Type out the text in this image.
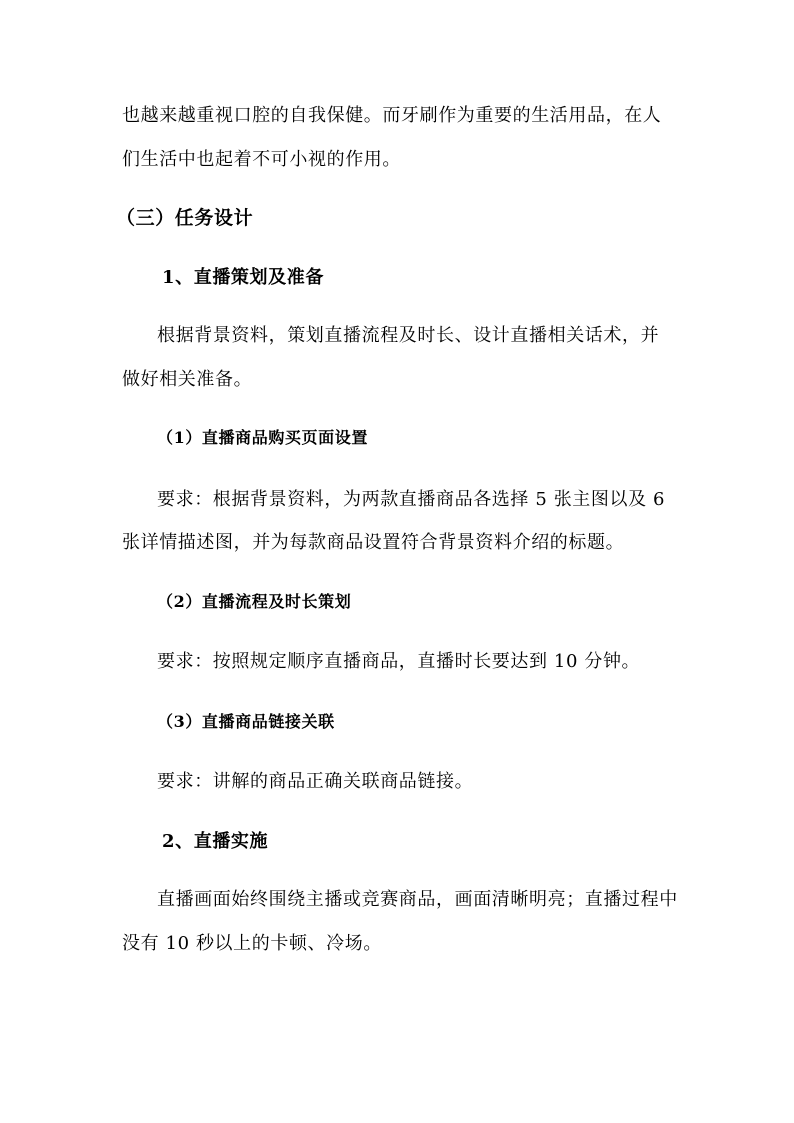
也越来越重视口腔的自我保健。而牙刷作为重要的生活用品，在人
们生活中也起着不可小视的作用。
（三）任务设计
1、直播策划及准备
根据背景资料，策划直播流程及时长、设计直播相关话术，并
做好相关准备。
（1）直播商品购买页面设置
要求：根据背景资料，为两款直播商品各选择 5 张主图以及 6
张详情描述图，并为每款商品设置符合背景资料介绍的标题。
（2）直播流程及时长策划
要求：按照规定顺序直播商品，直播时长要达到 10 分钟。
（3）直播商品链接关联
要求：讲解的商品正确关联商品链接。
2、直播实施
直播画面始终围绕主播或竞赛商品，画面清晰明亮；直播过程中
没有 10 秒以上的卡顿、冷场。
